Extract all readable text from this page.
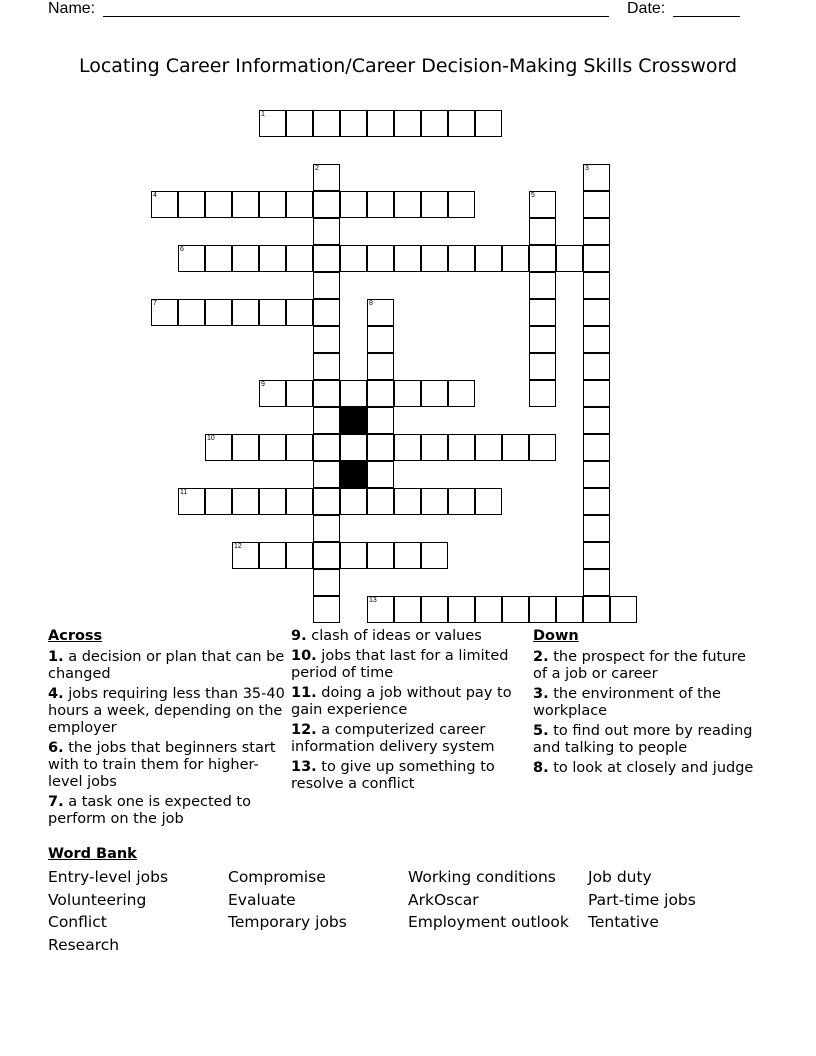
Name:	Date:
Locating Career Information/Career Decision-Making Skills Crossword
1
2	3
4	5
6
7	8
9
10
11
12
13
Across
1. a decision or plan that can be changed
4. jobs requiring less than 35-40 hours a week, depending on the employer
6. the jobs that beginners start with to train them for higher-level jobs
7. a task one is expected to perform on the job
9. clash of ideas or values
10. jobs that last for a limited period of time
11. doing a job without pay to gain experience
12. a computerized career information delivery system
13. to give up something to resolve a conflict
Down
2. the prospect for the future of a job or career
3. the environment of the workplace
5. to find out more by reading and talking to people
8. to look at closely and judge
Word Bank
Entry-level jobs	Compromise	Working conditions	Job duty
Volunteering	Evaluate	ArkOscar	Part-time jobs
Conflict	Temporary jobs	Employment outlook	Tentative
Research
